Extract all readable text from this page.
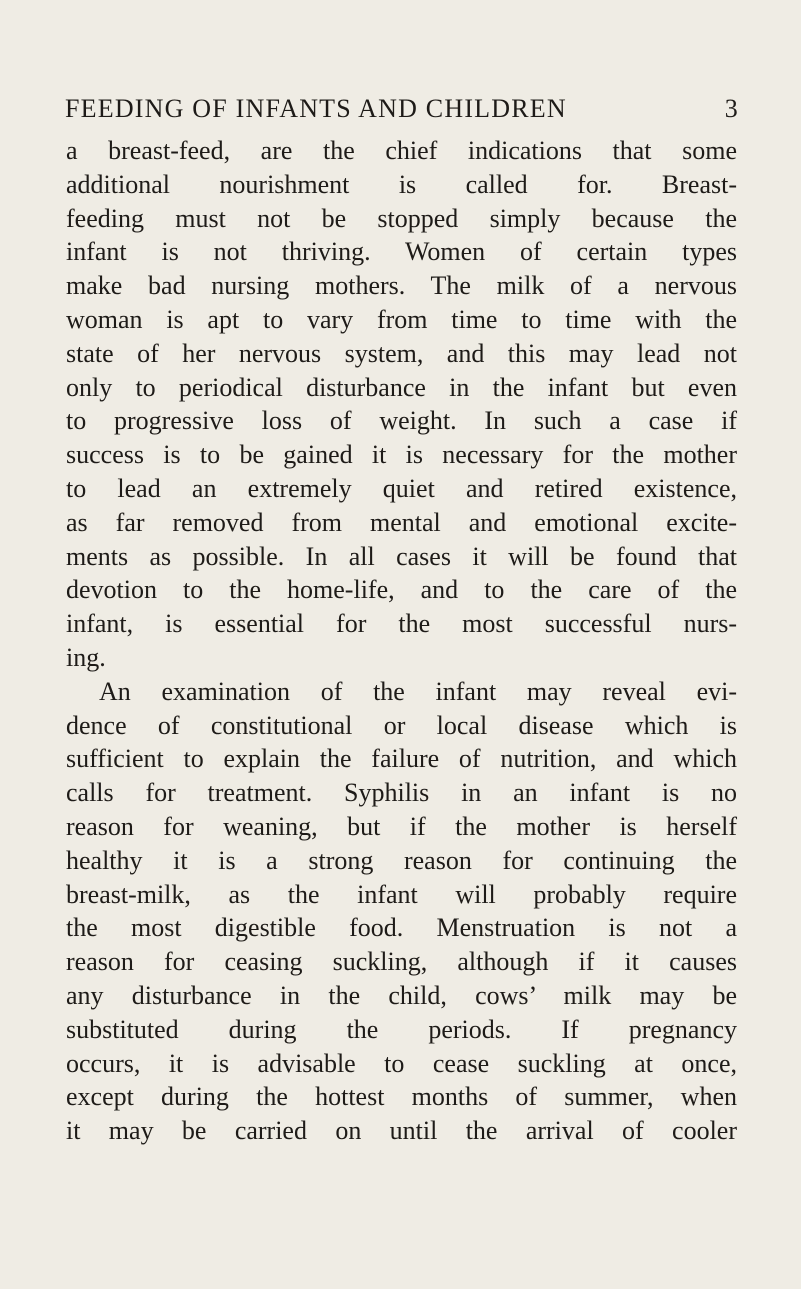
FEEDING OF INFANTS AND CHILDREN	3
a breast-feed, are the chief indications that some
additional nourishment is called for. Breast-
feeding must not be stopped simply because the
infant is not thriving. Women of certain types
make bad nursing mothers. The milk of a nervous
woman is apt to vary from time to time with the
state of her nervous system, and this may lead not
only to periodical disturbance in the infant but even
to progressive loss of weight. In such a case if
success is to be gained it is necessary for the mother
to lead an extremely quiet and retired existence,
as far removed from mental and emotional excite-
ments as possible. In all cases it will be found that
devotion to the home-life, and to the care of the
infant, is essential for the most successful nurs-
ing.
An examination of the infant may reveal evi-
dence of constitutional or local disease which is
sufficient to explain the failure of nutrition, and which
calls for treatment. Syphilis in an infant is no
reason for weaning, but if the mother is herself
healthy it is a strong reason for continuing the
breast-milk, as the infant will probably require
the most digestible food. Menstruation is not a
reason for ceasing suckling, although if it causes
any disturbance in the child, cows’ milk may be
substituted during the periods. If pregnancy
occurs, it is advisable to cease suckling at once,
except during the hottest months of summer, when
it may be carried on until the arrival of cooler
